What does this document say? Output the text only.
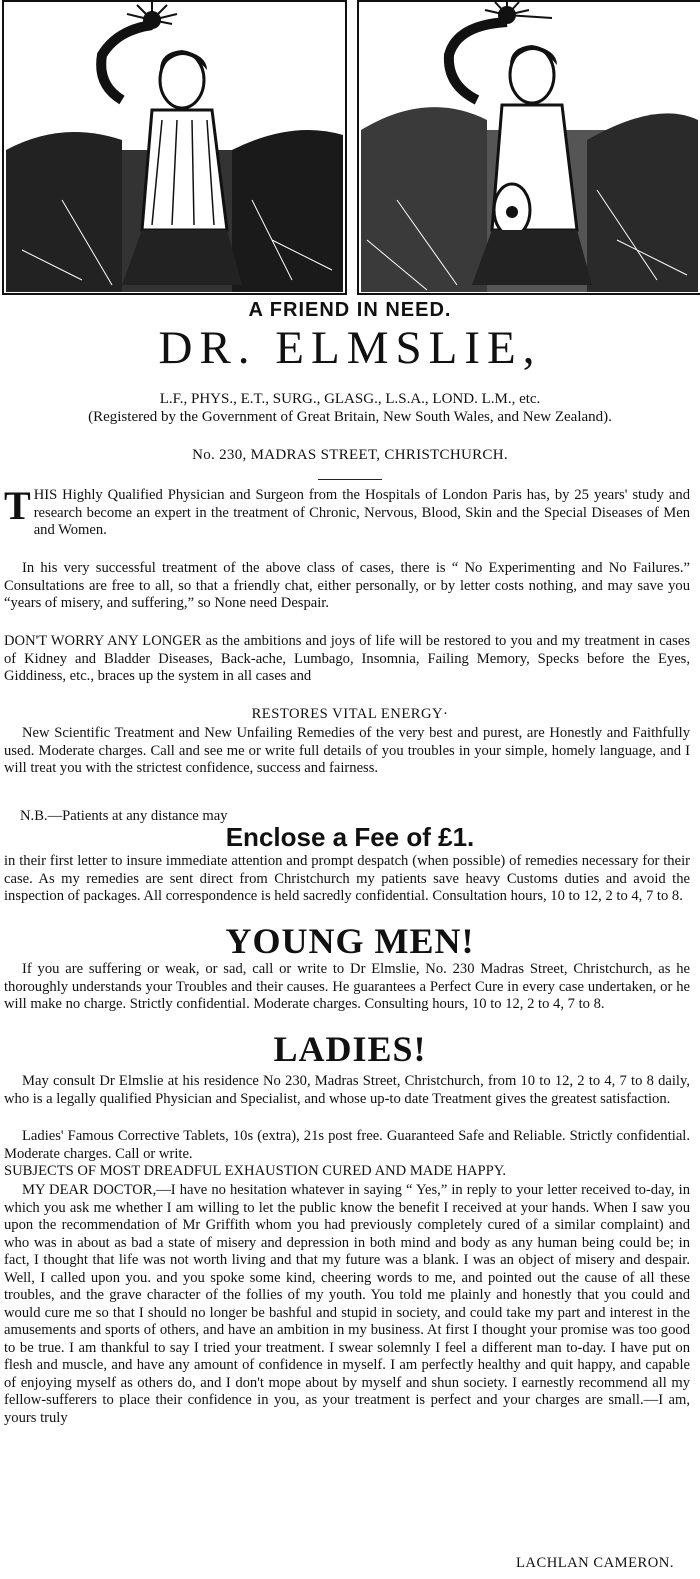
A FRIEND IN NEED.
DR. ELMSLIE,
L.F., PHYS., E.T., SURG., GLASG., L.S.A., LOND. L.M., etc.
(Registered by the Government of Great Britain, New South Wales, and New Zealand).
No. 230, MADRAS STREET, CHRISTCHURCH.
THIS Highly Qualified Physician and Surgeon from the Hospitals of London Paris has, by 25 years' study and research become an expert in the treatment of Chronic, Nervous, Blood, Skin and the Special Diseases of Men and Women.

In his very successful treatment of the above class of cases, there is “ No Experimenting and No Failures.” Consultations are free to all, so that a friendly chat, either personally, or by letter costs nothing, and may save you “years of misery, and suffering,” so None need Despair.

DON'T WORRY ANY LONGER as the ambitions and joys of life will be restored to you and my treatment in cases of Kidney and Bladder Diseases, Back-ache, Lumbago, Insomnia, Failing Memory, Specks before the Eyes, Giddiness, etc., braces up the system in all cases and

RESTORES VITAL ENERGY·

New Scientific Treatment and New Unfailing Remedies of the very best and purest, are Honestly and Faithfully used. Moderate charges. Call and see me or write full details of you troubles in your simple, homely language, and I will treat you with the strictest confidence, success and fairness.

N.B.—Patients at any distance may
Enclose a Fee of £1.

in their first letter to insure immediate attention and prompt despatch (when possible) of remedies necessary for their case. As my remedies are sent direct from Christchurch my patients save heavy Customs duties and avoid the inspection of packages. All correspondence is held sacredly confidential. Consultation hours, 10 to 12, 2 to 4, 7 to 8.

YOUNG MEN!

If you are suffering or weak, or sad, call or write to Dr Elmslie, No. 230 Madras Street, Christchurch, as he thoroughly understands your Troubles and their causes. He guarantees a Perfect Cure in every case undertaken, or he will make no charge. Strictly confidential. Moderate charges. Consulting hours, 10 to 12, 2 to 4, 7 to 8.

LADIES!

May consult Dr Elmslie at his residence No 230, Madras Street, Christchurch, from 10 to 12, 2 to 4, 7 to 8 daily, who is a legally qualified Physician and Specialist, and whose up-to date Treatment gives the greatest satisfaction.

Ladies' Famous Corrective Tablets, 10s (extra), 21s post free. Guaranteed Safe and Reliable. Strictly confidential. Moderate charges. Call or write.

SUBJECTS OF MOST DREADFUL EXHAUSTION CURED AND MADE HAPPY.

MY DEAR DOCTOR,—I have no hesitation whatever in saying “ Yes,” in reply to your letter received to-day, in which you ask me whether I am willing to let the public know the benefit I received at your hands. When I saw you upon the recommendation of Mr Griffith whom you had previously completely cured of a similar complaint) and who was in about as bad a state of misery and depression in both mind and body as any human being could be; in fact, I thought that life was not worth living and that my future was a blank. I was an object of misery and despair. Well, I called upon you. and you spoke some kind, cheering words to me, and pointed out the cause of all these troubles, and the grave character of the follies of my youth. You told me plainly and honestly that you could and would cure me so that I should no longer be bashful and stupid in society, and could take my part and interest in the amusements and sports of others, and have an ambition in my business. At first I thought your promise was too good to be true. I am thankful to say I tried your treatment. I swear solemnly I feel a different man to-day. I have put on flesh and muscle, and have any amount of confidence in myself. I am perfectly healthy and quit happy, and capable of enjoying myself as others do, and I don't mope about by myself and shun society. I earnestly recommend all my fellow-sufferers to place their confidence in you, as your treatment is perfect and your charges are small.—I am, yours truly

LACHLAN CAMERON.
